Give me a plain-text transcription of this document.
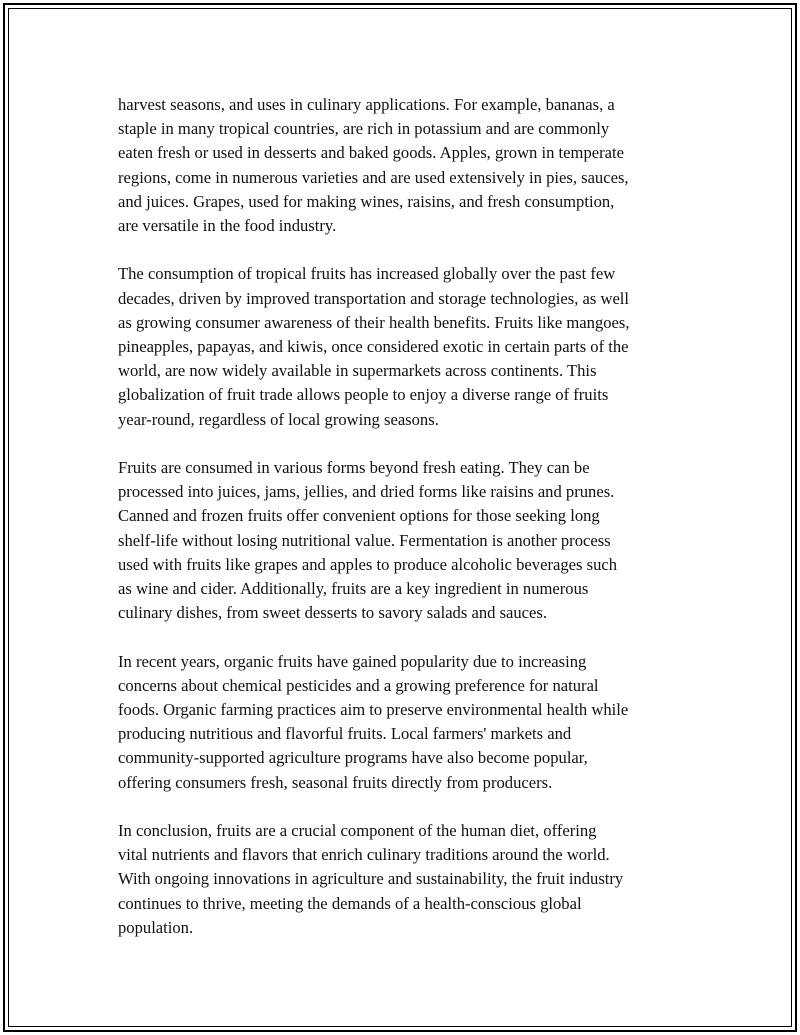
harvest seasons, and uses in culinary applications. For example, bananas, a
staple in many tropical countries, are rich in potassium and are commonly
eaten fresh or used in desserts and baked goods. Apples, grown in temperate
regions, come in numerous varieties and are used extensively in pies, sauces,
and juices. Grapes, used for making wines, raisins, and fresh consumption,
are versatile in the food industry.

The consumption of tropical fruits has increased globally over the past few
decades, driven by improved transportation and storage technologies, as well
as growing consumer awareness of their health benefits. Fruits like mangoes,
pineapples, papayas, and kiwis, once considered exotic in certain parts of the
world, are now widely available in supermarkets across continents. This
globalization of fruit trade allows people to enjoy a diverse range of fruits
year-round, regardless of local growing seasons.

Fruits are consumed in various forms beyond fresh eating. They can be
processed into juices, jams, jellies, and dried forms like raisins and prunes.
Canned and frozen fruits offer convenient options for those seeking long
shelf-life without losing nutritional value. Fermentation is another process
used with fruits like grapes and apples to produce alcoholic beverages such
as wine and cider. Additionally, fruits are a key ingredient in numerous
culinary dishes, from sweet desserts to savory salads and sauces.

In recent years, organic fruits have gained popularity due to increasing
concerns about chemical pesticides and a growing preference for natural
foods. Organic farming practices aim to preserve environmental health while
producing nutritious and flavorful fruits. Local farmers' markets and
community-supported agriculture programs have also become popular,
offering consumers fresh, seasonal fruits directly from producers.

In conclusion, fruits are a crucial component of the human diet, offering
vital nutrients and flavors that enrich culinary traditions around the world.
With ongoing innovations in agriculture and sustainability, the fruit industry
continues to thrive, meeting the demands of a health-conscious global
population.
